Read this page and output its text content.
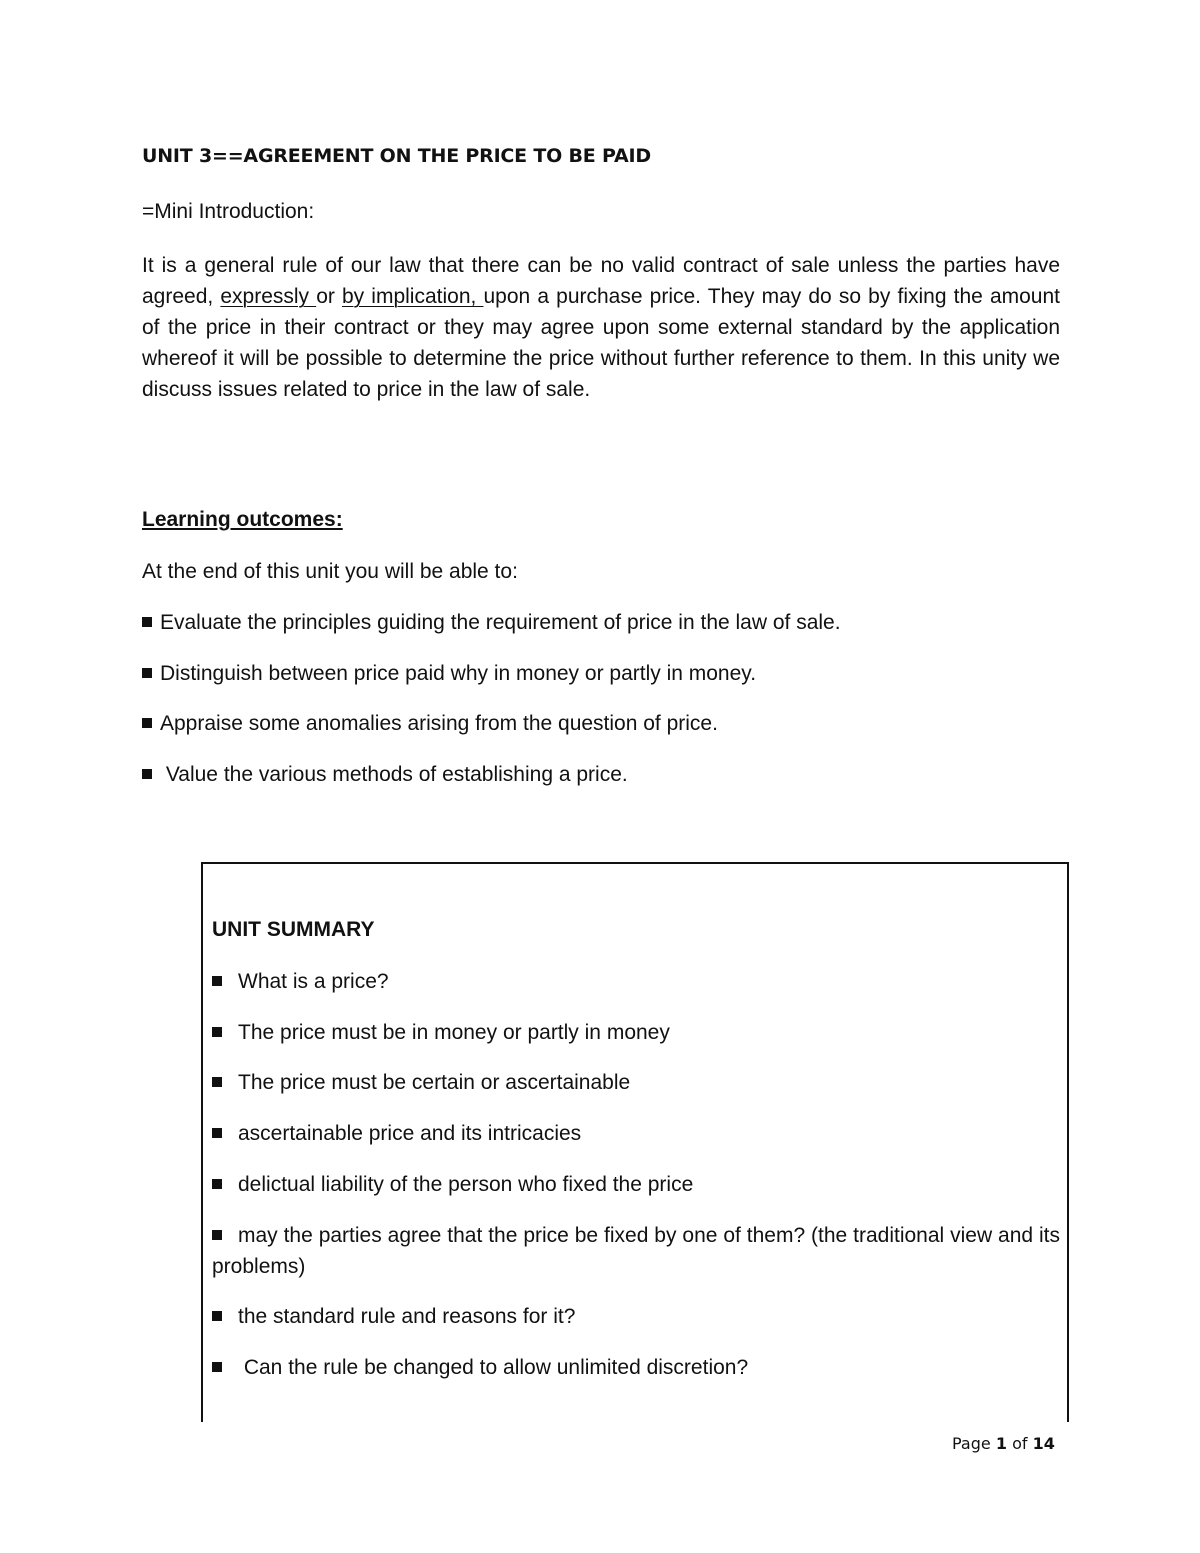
UNIT 3==AGREEMENT ON THE PRICE TO BE PAID

=Mini Introduction:

It is a general rule of our law that there can be no valid contract of sale unless the parties have agreed, expressly or by implication, upon a purchase price. They may do so by fixing the amount of the price in their contract or they may agree upon some external standard by the application whereof it will be possible to determine the price without further reference to them. In this unity we discuss issues related to price in the law of sale.

Learning outcomes:

At the end of this unit you will be able to:

Evaluate the principles guiding the requirement of price in the law of sale.

Distinguish between price paid why in money or partly in money.

Appraise some anomalies arising from the question of price.

Value the various methods of establishing a price.

UNIT SUMMARY

What is a price?

The price must be in money or partly in money

The price must be certain or ascertainable

ascertainable price and its intricacies

delictual liability of the person who fixed the price

may the parties agree that the price be fixed by one of them? (the traditional view and its problems)

the standard rule and reasons for it?

Can the rule be changed to allow unlimited discretion?

Page 1 of 14
